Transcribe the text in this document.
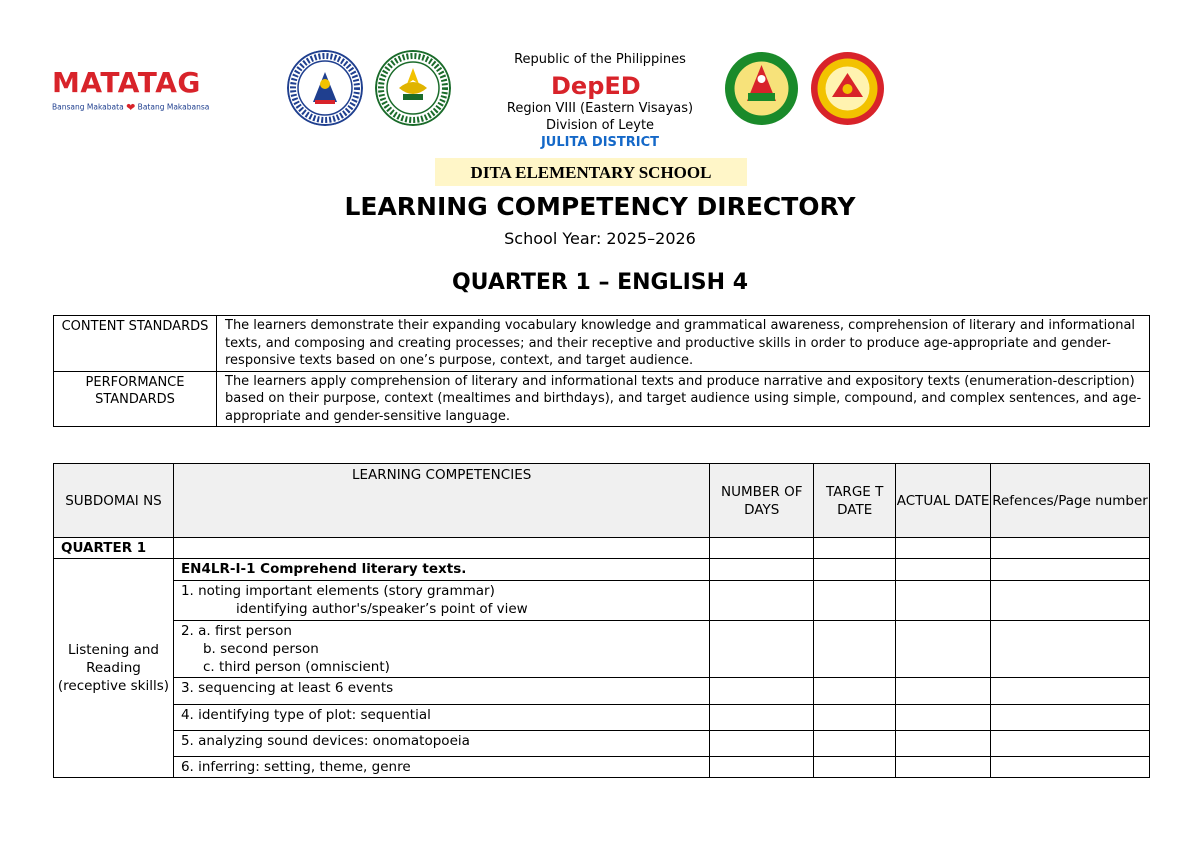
MATATAG
Bansang Makabata ❤ Batang Makabansa
Republic of the Philippines
DepED
Region VIII (Eastern Visayas)
Division of Leyte
JULITA DISTRICT
DITA ELEMENTARY SCHOOL
LEARNING COMPETENCY DIRECTORY
School Year: 2025–2026
QUARTER 1 – ENGLISH 4
CONTENT STANDARDS	The learners demonstrate their expanding vocabulary knowledge and grammatical awareness, comprehension of literary and informational texts, and composing and creating processes; and their receptive and productive skills in order to produce age-appropriate and gender-responsive texts based on one’s purpose, context, and target audience.
PERFORMANCE STANDARDS	The learners apply comprehension of literary and informational texts and produce narrative and expository texts (enumeration-description) based on their purpose, context (mealtimes and birthdays), and target audience using simple, compound, and complex sentences, and age-appropriate and gender-sensitive language.
SUBDOMAI NS	LEARNING COMPETENCIES	NUMBER OF DAYS	TARGE T DATE	ACTUAL DATE	Refences/Page number
QUARTER 1					
Listening and Reading (receptive skills)	EN4LR-I-1 Comprehend literary texts.				

	1. noting important elements (story grammar)
identifying author's/speaker’s point of view				

	2. a. first person
b. second person
c. third person (omniscient)				

	3. sequencing at least 6 events				
	4. identifying type of plot: sequential				
	5. analyzing sound devices: onomatopoeia				
	6. inferring: setting, theme, genre				
